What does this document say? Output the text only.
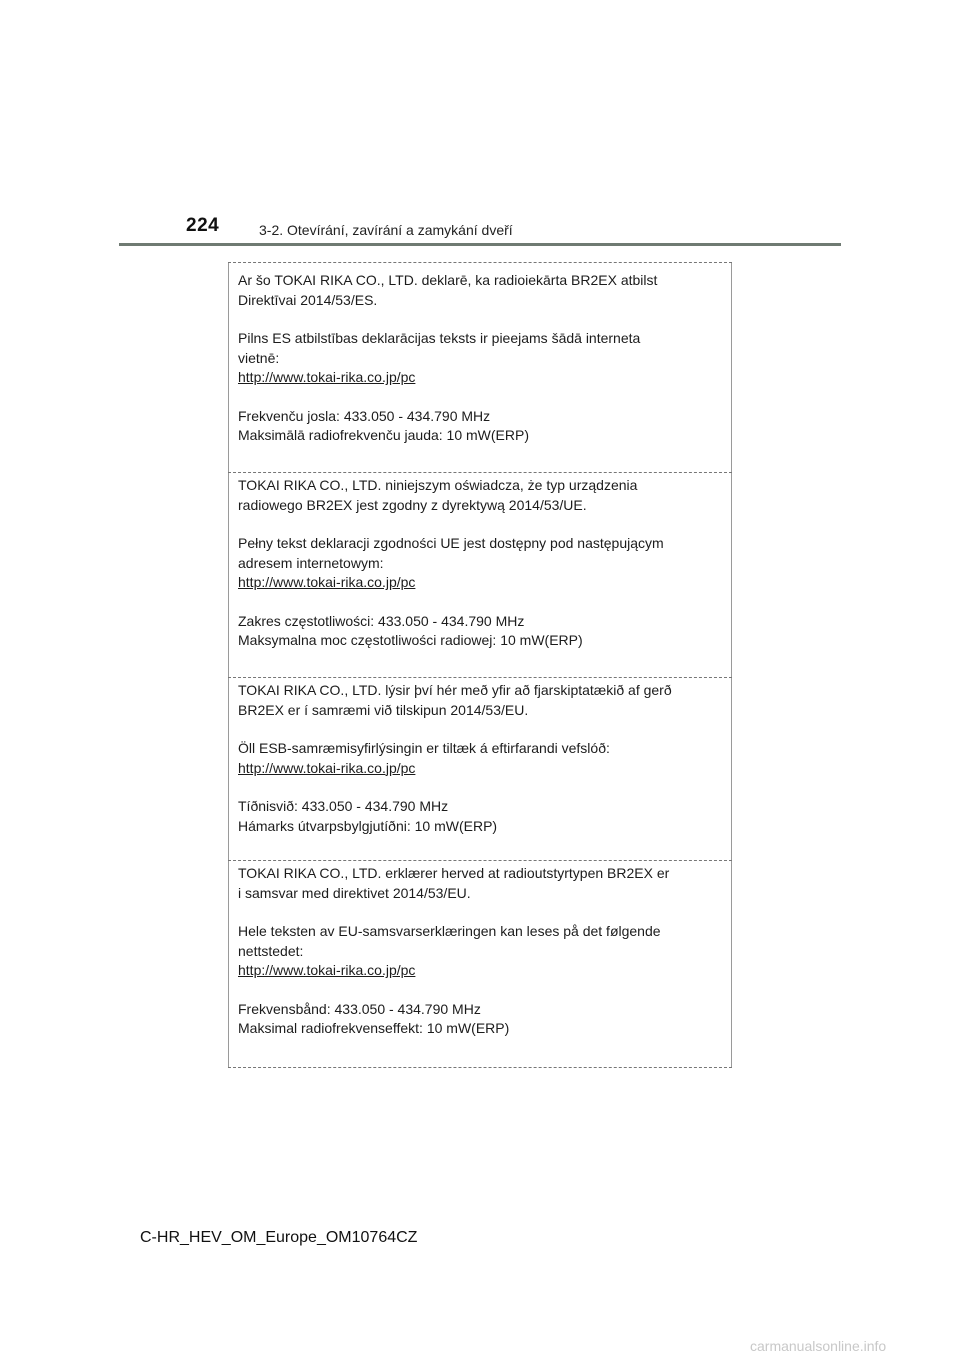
224	3-2. Otevírání, zavírání a zamykání dveří

Ar šo TOKAI RIKA CO., LTD. deklarē, ka radioiekārta BR2EX atbilst

Direktīvai 2014/53/ES.

Pilns ES atbilstības deklarācijas teksts ir pieejams šādā interneta

vietnē:

http://www.tokai-rika.co.jp/pc

Frekvenču josla: 433.050 - 434.790 MHz

Maksimālā radiofrekvenču jauda: 10 mW(ERP)

TOKAI RIKA CO., LTD. niniejszym oświadcza, że typ urządzenia

radiowego BR2EX jest zgodny z dyrektywą 2014/53/UE.

Pełny tekst deklaracji zgodności UE jest dostępny pod następującym

adresem internetowym:

http://www.tokai-rika.co.jp/pc

Zakres częstotliwości: 433.050 - 434.790 MHz

Maksymalna moc częstotliwości radiowej: 10 mW(ERP)

TOKAI RIKA CO., LTD. lýsir því hér með yfir að fjarskiptatækið af gerð

BR2EX er í samræmi við tilskipun 2014/53/EU.

Öll ESB-samræmisyfirlýsingin er tiltæk á eftirfarandi vefslóð:

http://www.tokai-rika.co.jp/pc

Tíðnisvið: 433.050 - 434.790 MHz

Hámarks útvarpsbylgjutíðni: 10 mW(ERP)

TOKAI RIKA CO., LTD. erklærer herved at radioutstyrtypen BR2EX er

i samsvar med direktivet 2014/53/EU.

Hele teksten av EU-samsvarserklæringen kan leses på det følgende

nettstedet:

http://www.tokai-rika.co.jp/pc

Frekvensbånd: 433.050 - 434.790 MHz

Maksimal radiofrekvenseffekt: 10 mW(ERP)

C-HR_HEV_OM_Europe_OM10764CZ
carmanualsonline.info
